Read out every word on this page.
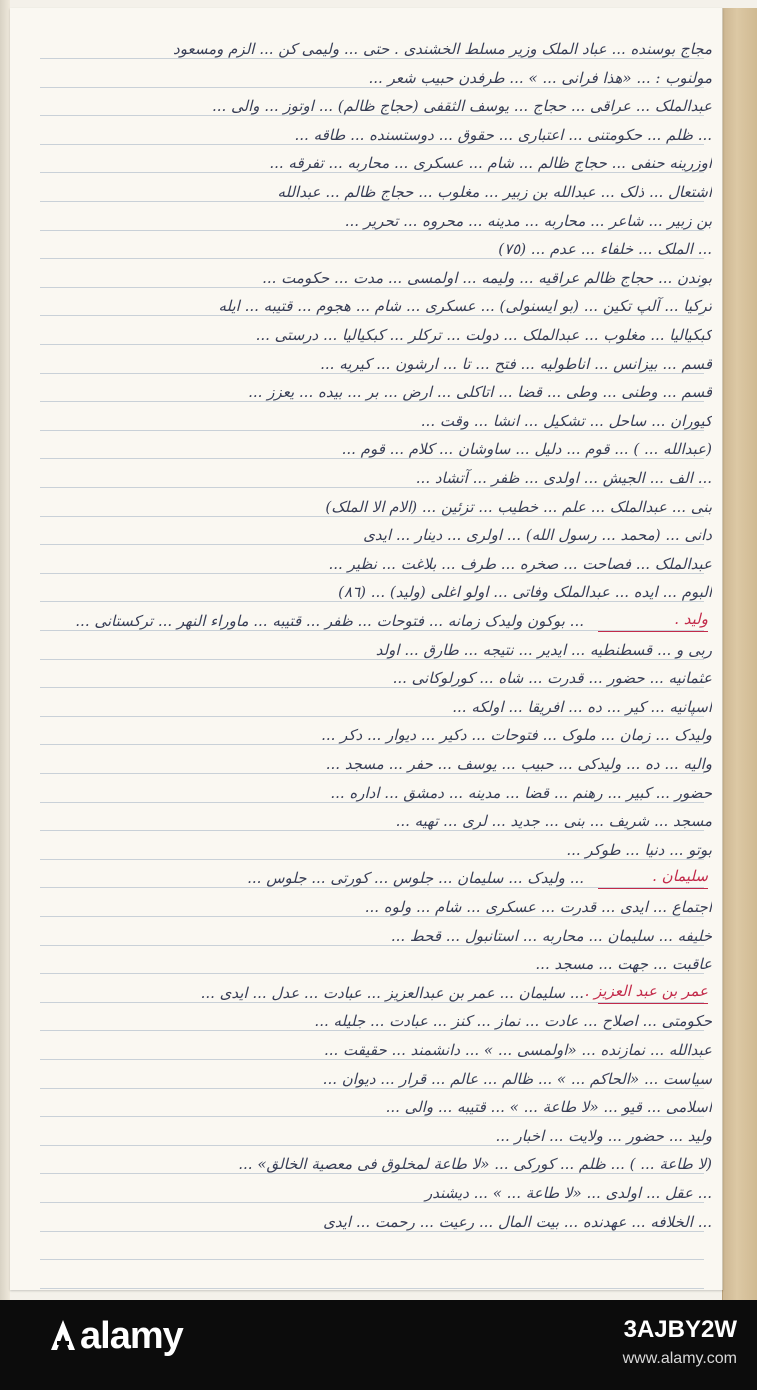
مجاج بوسنده ... عباد الملک وزیر مسلط الخشندی . حتی ... ولیمی کن ... الزم ومسعود
مولنوب : ... «هذا فرانی ... » ... طرفدن حبیب شعر ...
عبدالملک ... عراقی ... حجاج ... یوسف الثقفی (حجاج ظالم) ... اوتوز ... والی ...
... ظلم ... حکومتنی ... اعتباری ... حقوق ... دوستسنده ... طاقه ...
اوزرینه حنفی ... حجاج ظالم ... شام ... عسکری ... محاربه ... تفرقه ...
اشتعال ... ذلک ... عبدالله بن زبیر ... مغلوب ... حجاج ظالم ... عبدالله
بن زبیر ... شاعر ... محاربه ... مدینه ... محروه ... تحریر ...
... الملک ... خلفاء ... عدم ... (٧٥)
بوندن ... حجاج ظالم عراقیه ... ولیمه ... اولمسی ... مدت ... حکومت ...
ترکیا ... آلپ تکین ... (بو ایسنولی) ... عسکری ... شام ... هجوم ... قتیبه ... ایله
کبکیالیا ... مغلوب ... عبدالملک ... دولت ... ترکلر ... کبکیالیا ... درستی ...
قسم ... بیزانس ... اناطولیه ... فتح ... تا ... ارشون ... کیریه ...
قسم ... وطنی ... وطی ... قضا ... اتاکلی ... ارض ... بر ... بیده ... یعزز ...
کیوران ... ساحل ... تشکیل ... انشا ... وقت ...
(عبدالله ... ) ... قوم ... دلیل ... ساوشان ... کلام ... قوم ...
... الف ... الجیش ... اولدی ... ظفر ... آتشاد ...
بنی ... عبدالملک ... علم ... خطیب ... تزئین ... (الام الا الملک)
دانی ... (محمد ... رسول الله) ... اولری ... دینار ... ایدی
عبدالملک ... فصاحت ... صخره ... طرف ... بلاغت ... نظیر ...
البوم ... ایده ... عبدالملک وفاتی ... اولو اغلی (ولید) ... (٨٦)
... بوکون ولیدک زمانه ... فتوحات ... ظفر ... قتیبه ... ماوراء النهر ... ترکستانی ...
ربی و ... قسطنطیه ... ایدیر ... نتیجه ... طارق ... اولد
عثمانیه ... حضور ... قدرت ... شاه ... کورلوکانی ...
اسپانیه ... کیر ... ده ... افریقا ... اولکه ...
ولیدک ... زمان ... ملوک ... فتوحات ... دکیر ... دیوار ... دکر ...
والیه ... ده ... ولیدکی ... حبیب ... یوسف ... حفر ... مسجد ...
حضور ... کبیر ... رهنم ... قضا ... مدینه ... دمشق ... اداره ...
مسجد ... شریف ... بنی ... جدید ... لری ... تهیه ...
بوتو ... دنیا ... طوکر ...
... ولیدک ... سلیمان ... جلوس ... کورتی ... جلوس ...
اجتماع ... ایدی ... قدرت ... عسکری ... شام ... ولوه ...
خلیفه ... سلیمان ... محاربه ... استانبول ... قحط ...
عاقبت ... جهت ... مسجد ...
... سلیمان ... عمر بن عبدالعزیز ... عبادت ... عدل ... ایدی ...
حکومتی ... اصلاح ... عادت ... نماز ... کنز ... عبادت ... جلیله ...
عبدالله ... نمازنده ... «اولمسی ... » ... دانشمند ... حقیقت ...
سیاست ... «الحاکم ... » ... ظالم ... عالم ... قرار ... دیوان ...
اسلامی ... قیو ... «لا طاعة ... » ... قتیبه ... والی ...
ولید ... حضور ... ولایت ... اخبار ...
(لا طاعة ... ) ... ظلم ... کورکی ... «لا طاعة لمخلوق فی معصیة الخالق» ...
... عقل ... اولدی ... «لا طاعة ... » ... دیشندر
... الخلافه ... عهدنده ... بیت المال ... رعیت ... رحمت ... ایدی
ولید .
سلیمان .
عمر بن عبد العزیز .
alamy	3AJBY2W
www.alamy.com
